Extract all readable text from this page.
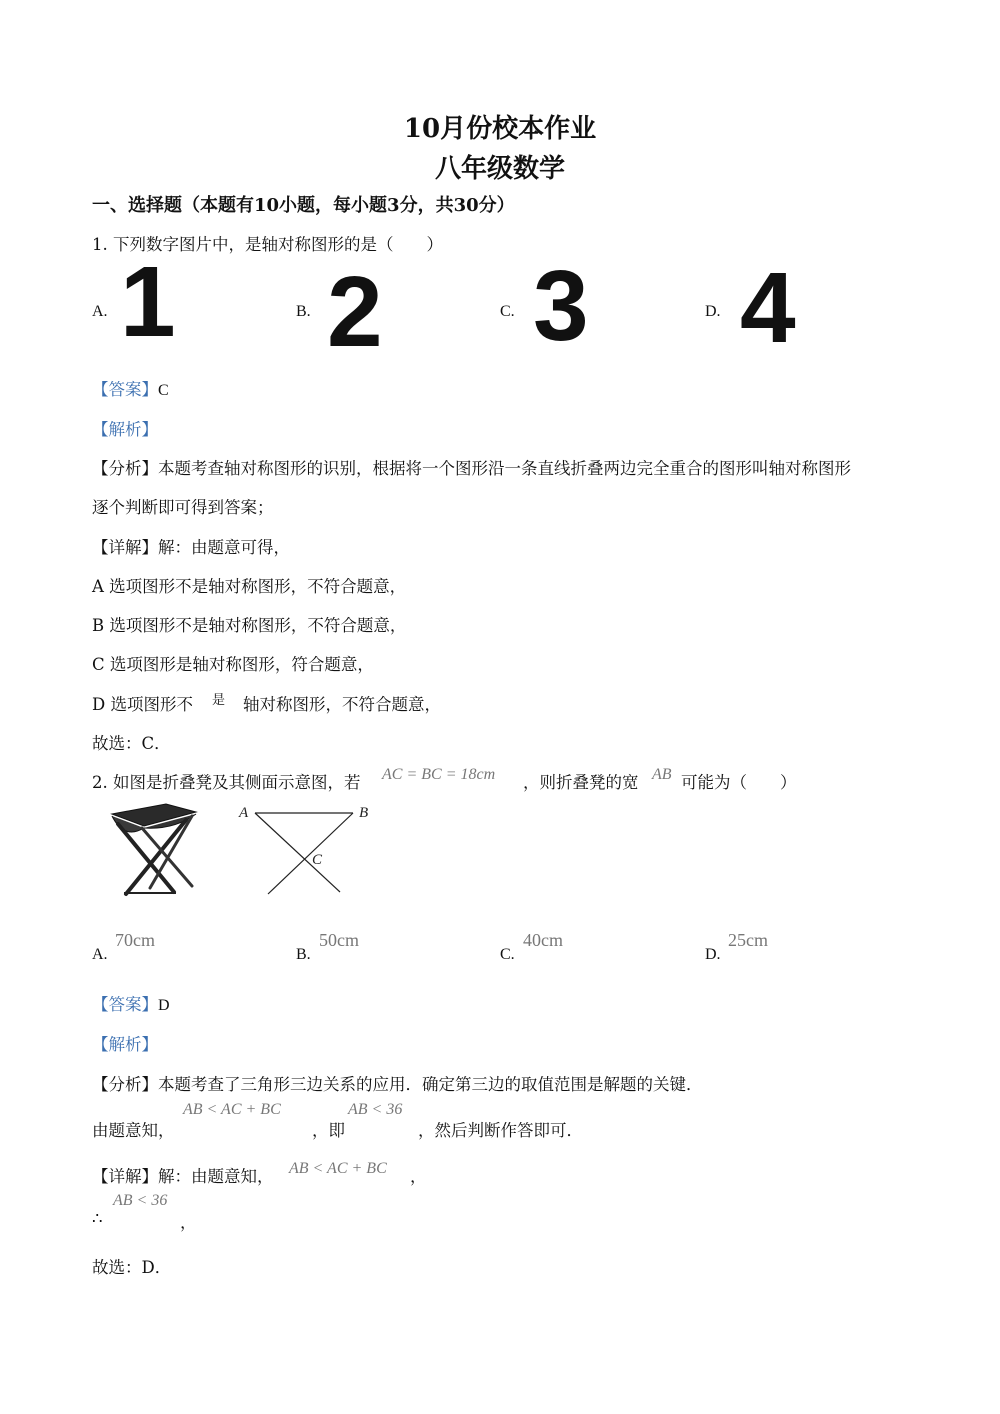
10月份校本作业
八年级数学
一、选择题（本题有10小题，每小题3分，共30分）
1. 下列数字图片中，是轴对称图形的是（　　）
A. 1	B. 2	C. 3	D. 4
【答案】C
【解析】
【分析】本题考查轴对称图形的识别，根据将一个图形沿一条直线折叠两边完全重合的图形叫轴对称图形
逐个判断即可得到答案；
【详解】解：由题意可得，
A 选项图形不是轴对称图形，不符合题意，
B 选项图形不是轴对称图形，不符合题意，
C 选项图形是轴对称图形，符合题意，
D 选项图形不 是 轴对称图形，不符合题意，
故选：C．
2. 如图是折叠凳及其侧面示意图，若 AC = BC = 18cm ，则折叠凳的宽 AB 可能为（　　）
A	B
C
A.
70cm
B.
50cm
C.
40cm
D.
25cm
【答案】D
【解析】
【分析】本题考查了三角形三边关系的应用．确定第三边的取值范围是解题的关键．
由题意知，
AB < AC + BC
，即
AB < 36
，然后判断作答即可．
【详解】解：由题意知， AB < AC + BC ，
∴
AB < 36
，
故选：D．
